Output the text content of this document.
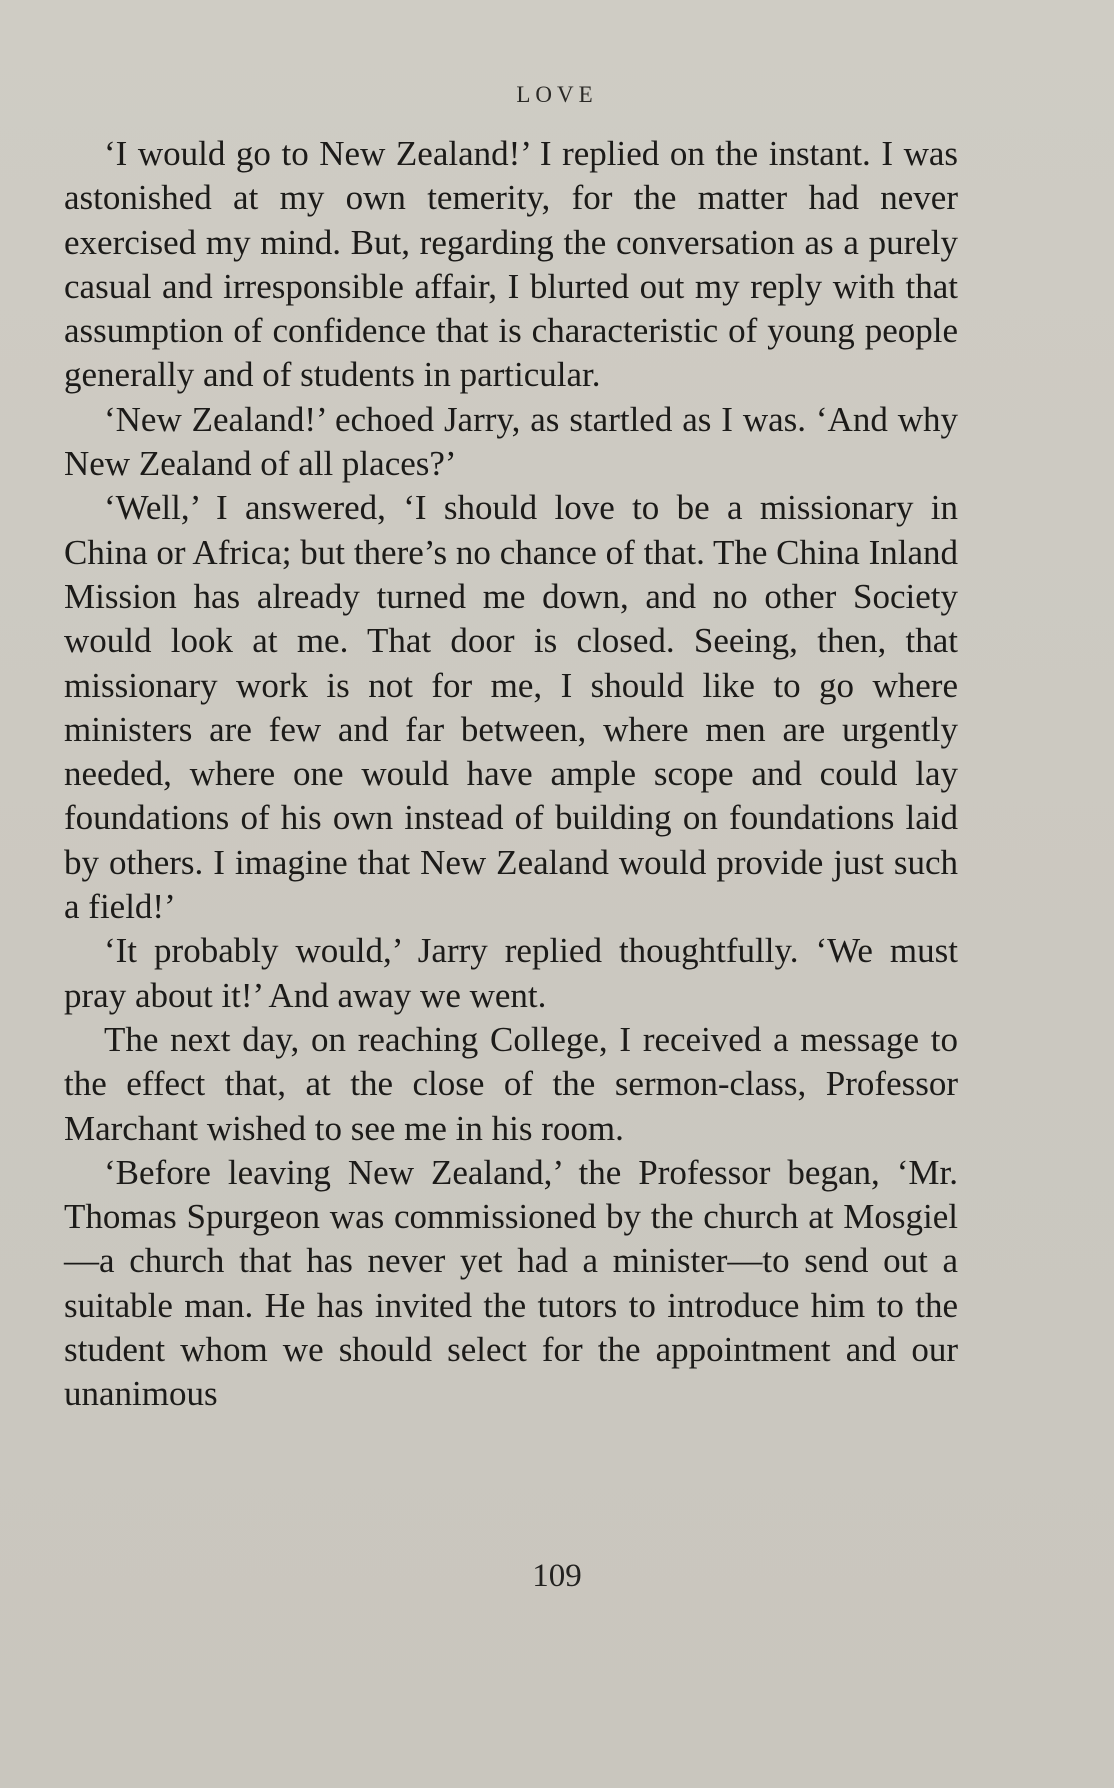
LOVE

‘I would go to New Zealand!’ I replied on the instant. I was astonished at my own temerity, for the matter had never exercised my mind. But, regarding the conversation as a purely casual and irresponsible affair, I blurted out my reply with that assumption of confidence that is characteristic of young people generally and of students in particular.

‘New Zealand!’ echoed Jarry, as startled as I was. ‘And why New Zealand of all places?’

‘Well,’ I answered, ‘I should love to be a missionary in China or Africa; but there’s no chance of that. The China Inland Mission has already turned me down, and no other Society would look at me. That door is closed. Seeing, then, that missionary work is not for me, I should like to go where ministers are few and far between, where men are urgently needed, where one would have ample scope and could lay foundations of his own instead of building on foundations laid by others. I imagine that New Zealand would provide just such a field!’

‘It probably would,’ Jarry replied thoughtfully. ‘We must pray about it!’ And away we went.

The next day, on reaching College, I received a message to the effect that, at the close of the sermon-class, Professor Marchant wished to see me in his room.

‘Before leaving New Zealand,’ the Professor began, ‘Mr. Thomas Spurgeon was commissioned by the church at Mosgiel—a church that has never yet had a minister—to send out a suitable man. He has invited the tutors to introduce him to the student whom we should select for the appointment and our unanimous

109
